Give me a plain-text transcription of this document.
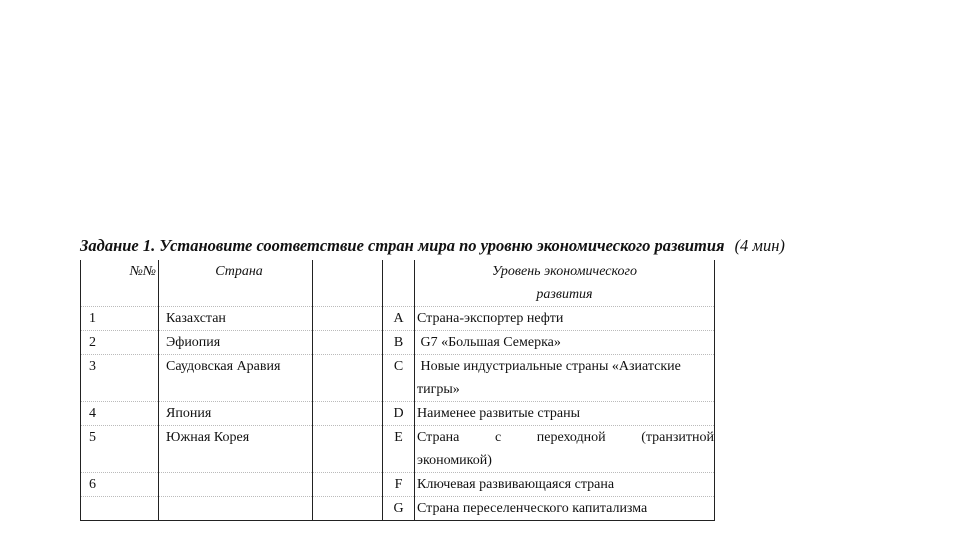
Задание 1. Установите соответствие стран мира по уровню экономического развития (4 мин)
№№	Страна			Уровень экономического
развития

1	Казахстан		A	Страна-экспортер нефти
2	Эфиопия		B	G7 «Большая Семерка»
3	Саудовская Аравия		C	Новые индустриальные страны «Азиатские
тигры»

4	Япония		D	Наименее развитые страны
5	Южная Корея		E	Страна с переходной (транзитной
экономикой)

6			F	Ключевая развивающаяся страна
			G	Страна переселенческого капитализма
